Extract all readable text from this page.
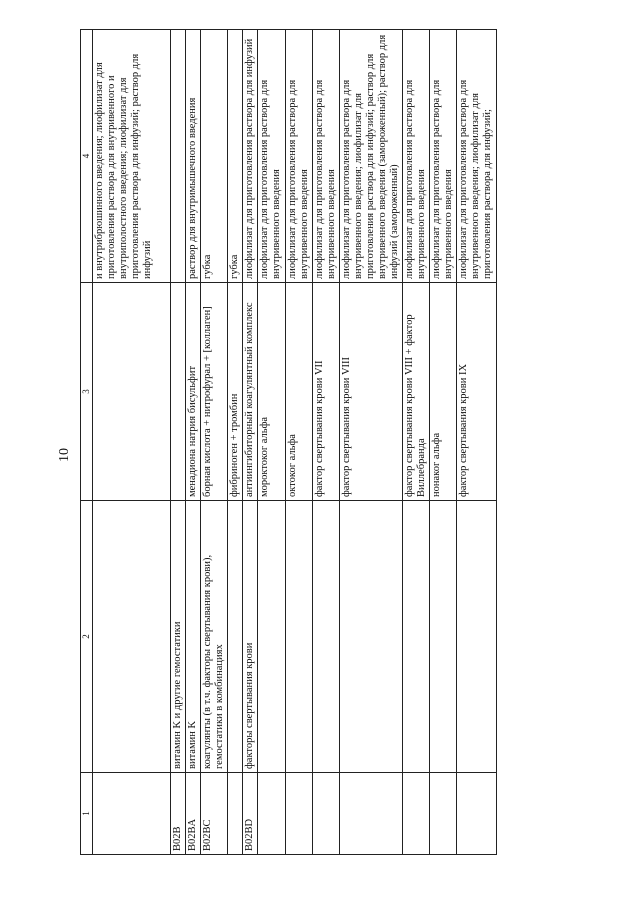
10
1	2	3	4
			и внутрибрюшинного введения; лиофилизат для приготовления раствора для внутривенного и внутриполостного введения; лиофилизат для приготовления раствора для инфузий; раствор для инфузий
B02B	витамин K и другие гемостатики		
B02BA	витамин K	менадиона натрия бисульфит	раствор для внутримышечного введения
B02BC	коагулянты (в т.ч. факторы свертывания крови), гемостатики в комбинациях	борная кислота + нитрофурал + [коллаген]	губка
		фибриноген + тромбин	губка
B02BD	факторы свертывания крови	антиингибиторный коагулянтный комплекс	лиофилизат для приготовления раствора для инфузий
		мороктоког альфа	лиофилизат для приготовления раствора для внутривенного введения
		октоког альфа	лиофилизат для приготовления раствора для внутривенного введения
		фактор свертывания крови VII	лиофилизат для приготовления раствора для внутривенного введения
		фактор свертывания крови VIII	лиофилизат для приготовления раствора для внутривенного введения; лиофилизат для приготовления раствора для инфузий; раствор для внутривенного введения (замороженный); раствор для инфузий (замороженный)
		фактор свертывания крови VIII + фактор Виллебранда	лиофилизат для приготовления раствора для внутривенного введения
		нонаког альфа	лиофилизат для приготовления раствора для внутривенного введения
		фактор свертывания крови IX	лиофилизат для приготовления раствора для внутривенного введения; лиофилизат для приготовления раствора для инфузий;
